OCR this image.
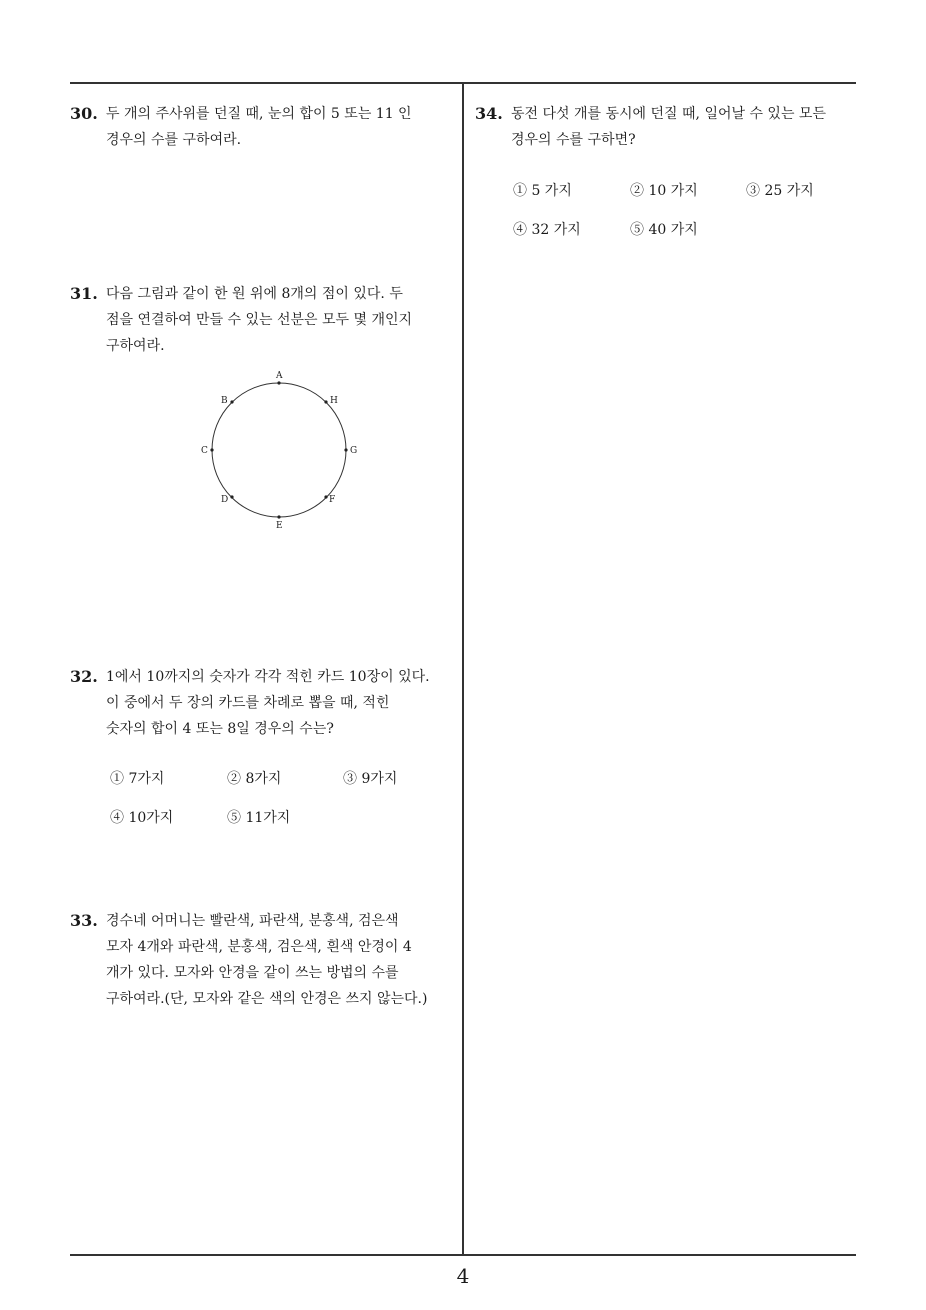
30. 두 개의 주사위를 던질 때, 눈의 합이 5 또는 11 인
경우의 수를 구하여라.
31. 다음 그림과 같이 한 원 위에 8개의 점이 있다. 두
점을 연결하여 만들 수 있는 선분은 모두 몇 개인지
구하여라.
A
B
C
D
E
F
G
H
32. 1에서 10까지의 숫자가 각각 적힌 카드 10장이 있다.
이 중에서 두 장의 카드를 차례로 뽑을 때, 적힌
숫자의 합이 4 또는 8일 경우의 수는?
① 7가지	② 8가지	③ 9가지
④ 10가지	⑤ 11가지
33. 경수네 어머니는 빨란색, 파란색, 분홍색, 검은색
모자 4개와 파란색, 분홍색, 검은색, 흰색 안경이 4
개가 있다. 모자와 안경을 같이 쓰는 방법의 수를
구하여라.(단, 모자와 같은 색의 안경은 쓰지 않는다.)
34. 동전 다섯 개를 동시에 던질 때, 일어날 수 있는 모든
경우의 수를 구하면?
① 5 가지	② 10 가지	③ 25 가지
④ 32 가지	⑤ 40 가지
4
